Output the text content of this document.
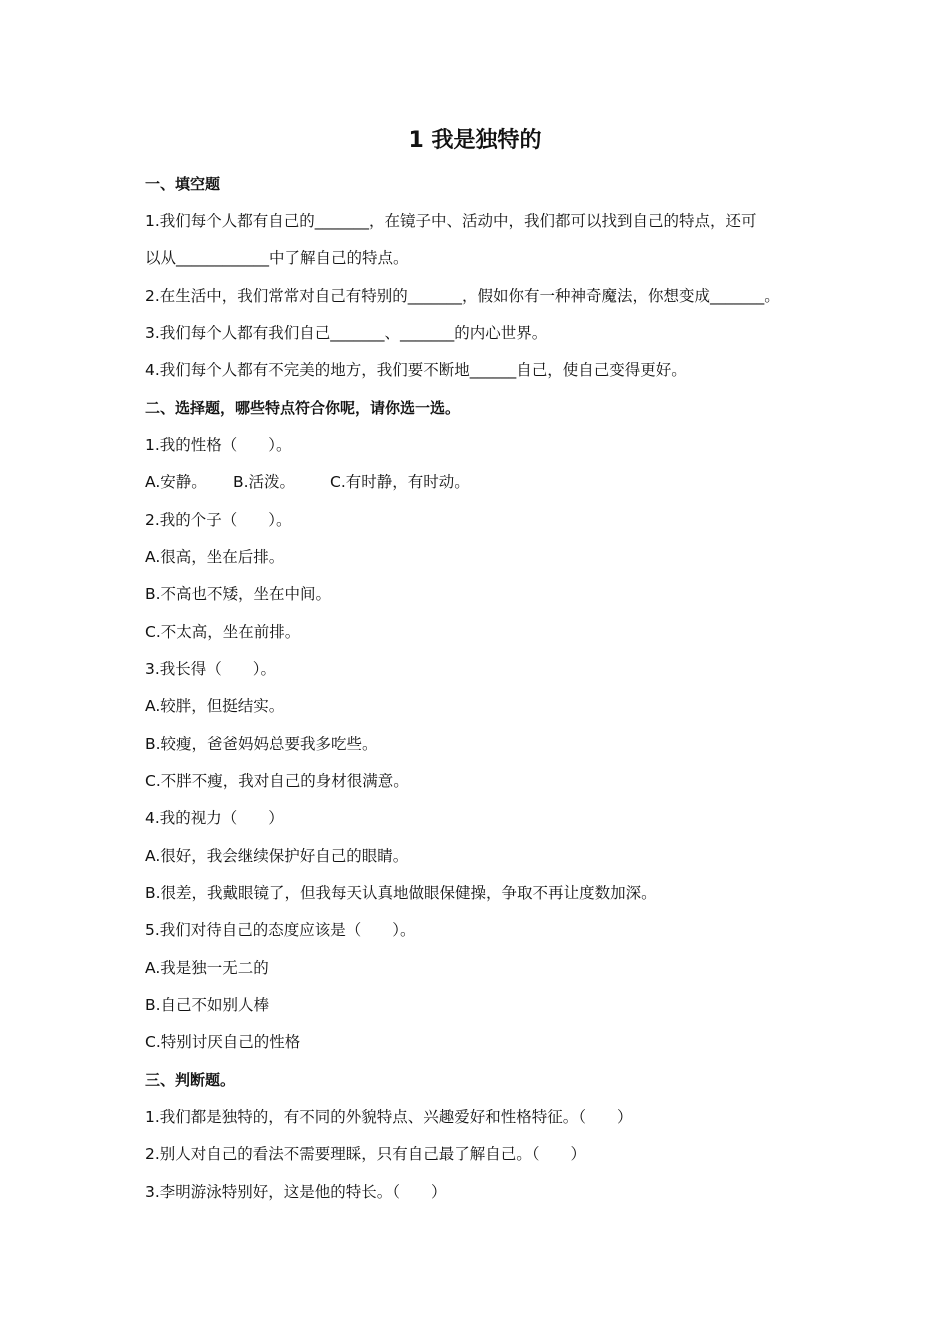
1 我是独特的
一、填空题
1.我们每个人都有自己的_______，在镜子中、活动中，我们都可以找到自己的特点，还可
以从____________中了解自己的特点。
2.在生活中，我们常常对自己有特别的_______，假如你有一种神奇魔法，你想变成_______。
3.我们每个人都有我们自己_______、_______的内心世界。
4.我们每个人都有不完美的地方，我们要不断地______自己，使自己变得更好。
二、选择题，哪些特点符合你呢，请你选一选。
1.我的性格（　　）。
A.安静。 B.活泼。 C.有时静，有时动。
2.我的个子（　　）。
A.很高，坐在后排。
B.不高也不矮，坐在中间。
C.不太高，坐在前排。
3.我长得（　　）。
A.较胖，但挺结实。
B.较瘦，爸爸妈妈总要我多吃些。
C.不胖不瘦，我对自己的身材很满意。
4.我的视力（　　）
A.很好，我会继续保护好自己的眼睛。
B.很差，我戴眼镜了，但我每天认真地做眼保健操，争取不再让度数加深。
5.我们对待自己的态度应该是（　　）。
A.我是独一无二的
B.自己不如别人棒
C.特别讨厌自己的性格
三、判断题。
1.我们都是独特的，有不同的外貌特点、兴趣爱好和性格特征。（　　）
2.别人对自己的看法不需要理睬，只有自己最了解自己。（　　）
3.李明游泳特别好，这是他的特长。（　　）
